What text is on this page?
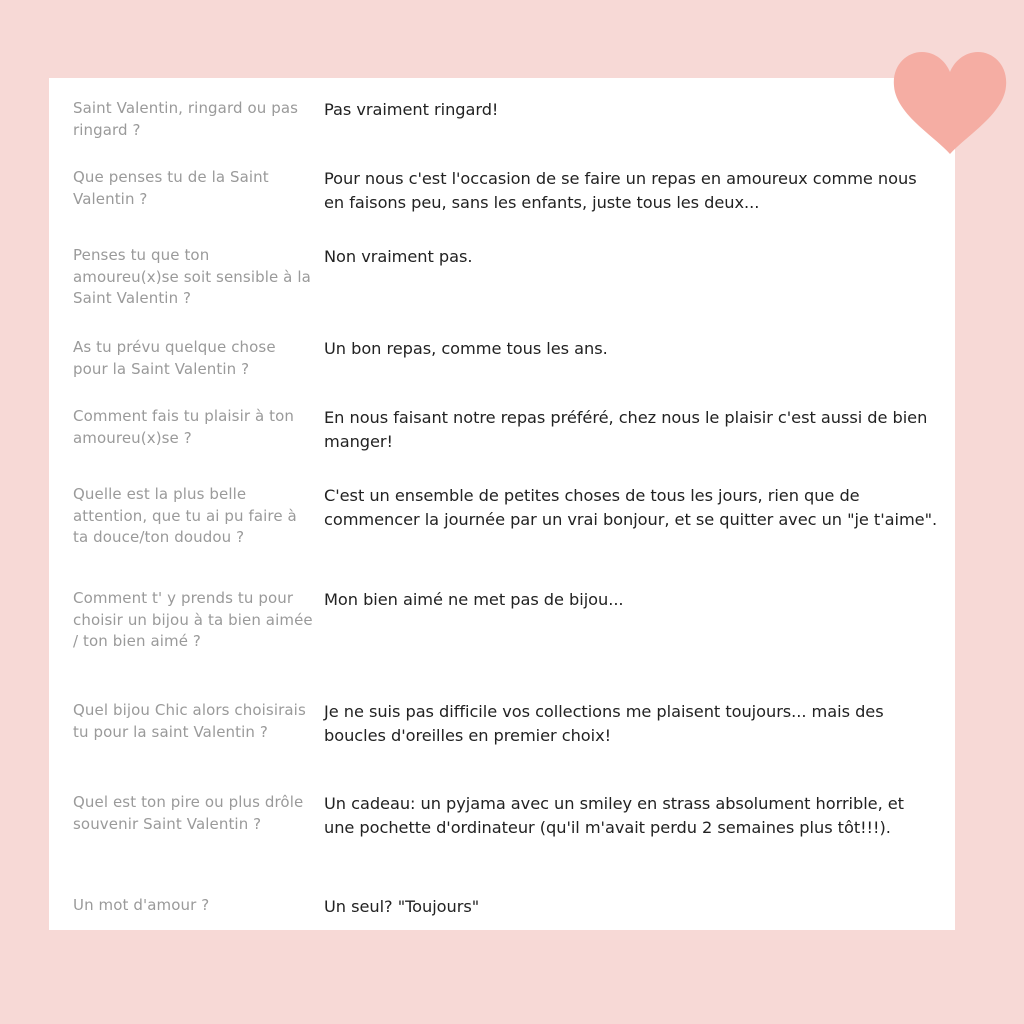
Saint Valentin, ringard ou pas ringard ?
Pas vraiment ringard!
Que penses tu de la Saint Valentin ?
Pour nous c'est l'occasion de se faire un repas en amoureux comme nous en faisons peu, sans les enfants, juste tous les deux...
Penses tu que ton amoureu(x)se soit sensible à la Saint Valentin ?
Non vraiment pas.
As tu prévu quelque chose pour la Saint Valentin ?
Un bon repas, comme tous les ans.
Comment fais tu plaisir à ton amoureu(x)se ?
En nous faisant notre repas préféré, chez nous le plaisir c'est aussi de bien manger!
Quelle est la plus belle attention, que tu ai pu faire à ta douce/ton doudou ?
C'est un ensemble de petites choses de tous les jours, rien que de commencer la journée par un vrai bonjour, et se quitter avec un "je t'aime".
Comment t' y prends tu pour choisir un bijou à ta bien aimée / ton bien aimé ?
Mon bien aimé ne met pas de bijou...
Quel bijou Chic alors choisirais tu pour la saint Valentin ?
Je ne suis pas difficile vos collections me plaisent toujours... mais des boucles d'oreilles en premier choix!
Quel est ton pire ou plus drôle souvenir Saint Valentin ?
Un cadeau: un pyjama avec un smiley en strass absolument horrible, et une pochette d'ordinateur (qu'il m'avait perdu 2 semaines plus tôt!!!).
Un mot d'amour ?	Un seul? "Toujours"
